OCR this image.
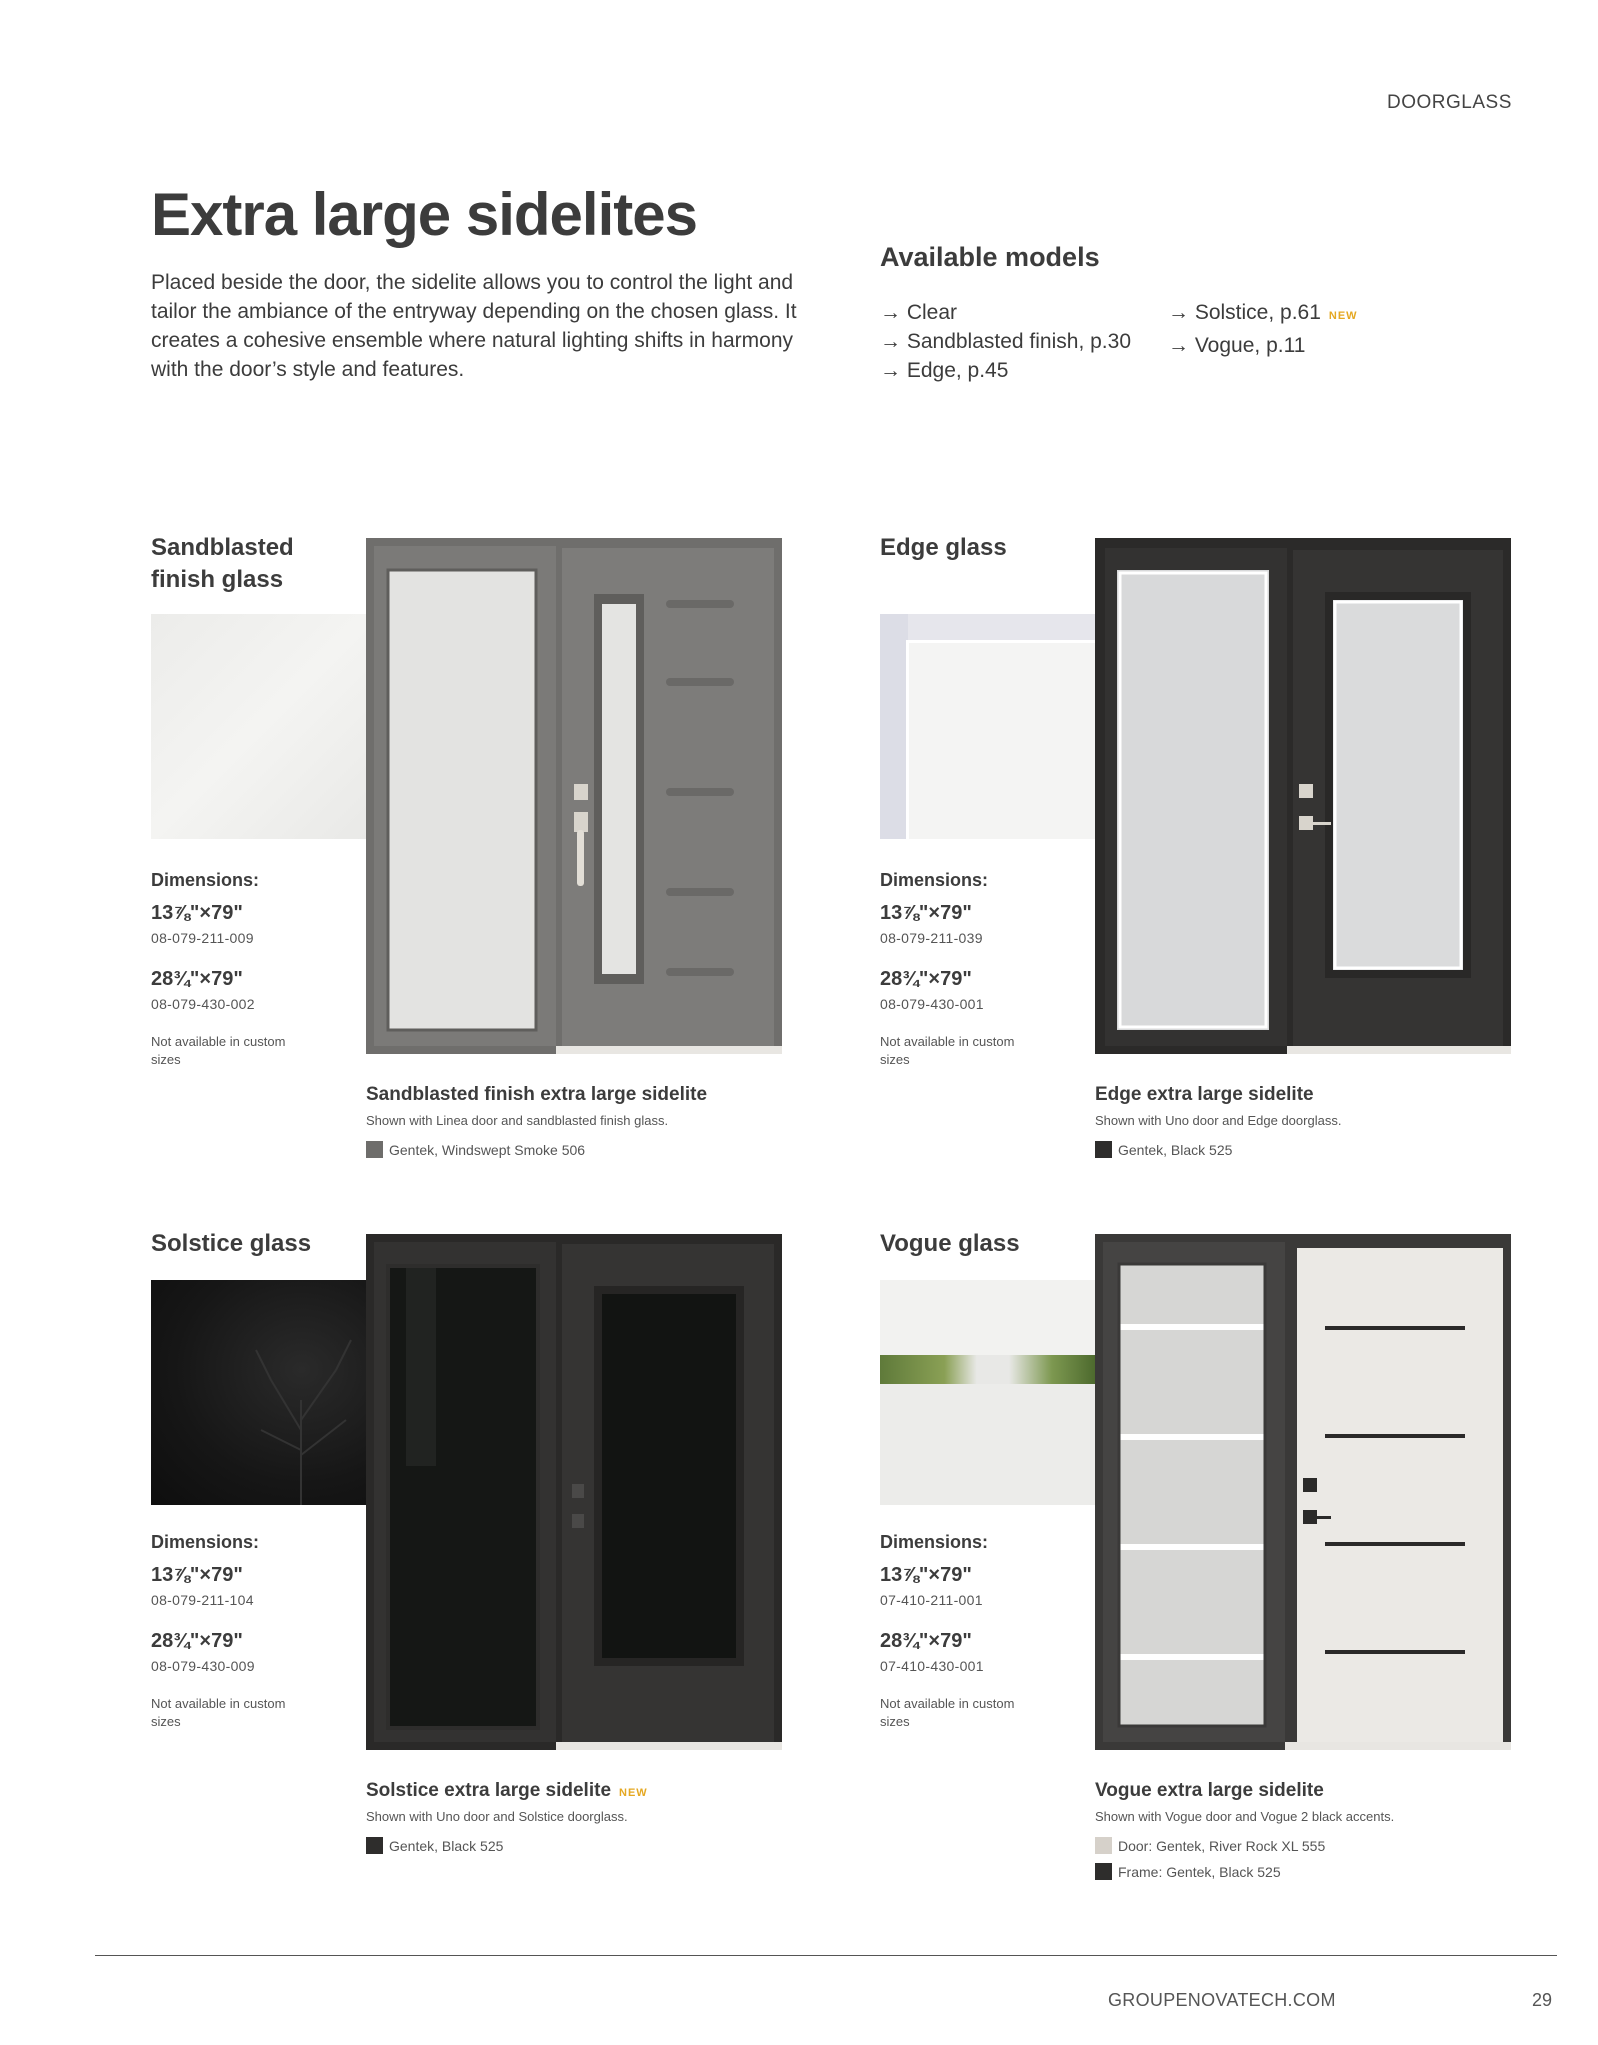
DOORGLASS
Extra large sidelites

Placed beside the door, the sidelite allows you to control the light and tailor the ambiance of the entryway depending on the chosen glass. It creates a cohesive ensemble where natural lighting shifts in harmony with the door’s style and features.

Available models
→ Clear
→ Sandblasted finish, p.30
→ Edge, p.45
→ Solstice, p.61 NEW
→ Vogue, p.11
Sandblasted finish glass
Dimensions:
13⅞"×79"
08-079-211-009
28¾"×79"
08-079-430-002
Not available in custom sizes
Sandblasted finish extra large sidelite
Shown with Linea door and sandblasted finish glass.
Gentek, Windswept Smoke 506
Edge glass
Dimensions:
13⅞"×79"
08-079-211-039
28¾"×79"
08-079-430-001
Not available in custom sizes
Edge extra large sidelite
Shown with Uno door and Edge doorglass.
Gentek, Black 525
Solstice glass
Dimensions:
13⅞"×79"
08-079-211-104
28¾"×79"
08-079-430-009
Not available in custom sizes
Solstice extra large sidelite NEW
Shown with Uno door and Solstice doorglass.
Gentek, Black 525
Vogue glass
Dimensions:
13⅞"×79"
07-410-211-001
28¾"×79"
07-410-430-001
Not available in custom sizes
Vogue extra large sidelite
Shown with Vogue door and Vogue 2 black accents.
Door: Gentek, River Rock XL 555
Frame: Gentek, Black 525
GROUPENOVATECH.COM	29
